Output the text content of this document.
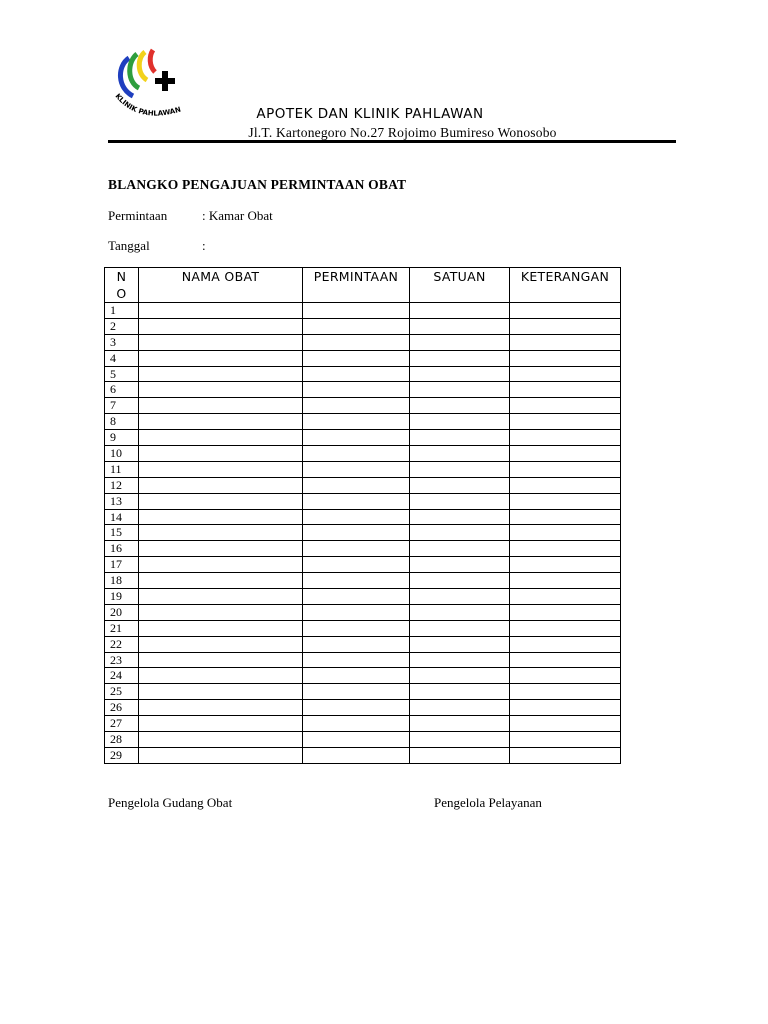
KLINIK PAHLAWAN	APOTEK DAN KLINIK PAHLAWAN
Jl.T. Kartonegoro No.27 Rojoimo Bumireso Wonosobo
BLANGKO PENGAJUAN PERMINTAAN OBAT
Permintaan	: Kamar Obat
Tanggal	:
N
O	NAMA OBAT	PERMINTAAN	SATUAN	KETERANGAN
1				
2				
3				
4				
5				
6				
7				
8				
9				
10				
11				
12				
13				
14				
15				
16				
17				
18				
19				
20				
21				
22				
23				
24				
25				
26				
27				
28				
29				
Pengelola Gudang Obat	Pengelola Pelayanan
